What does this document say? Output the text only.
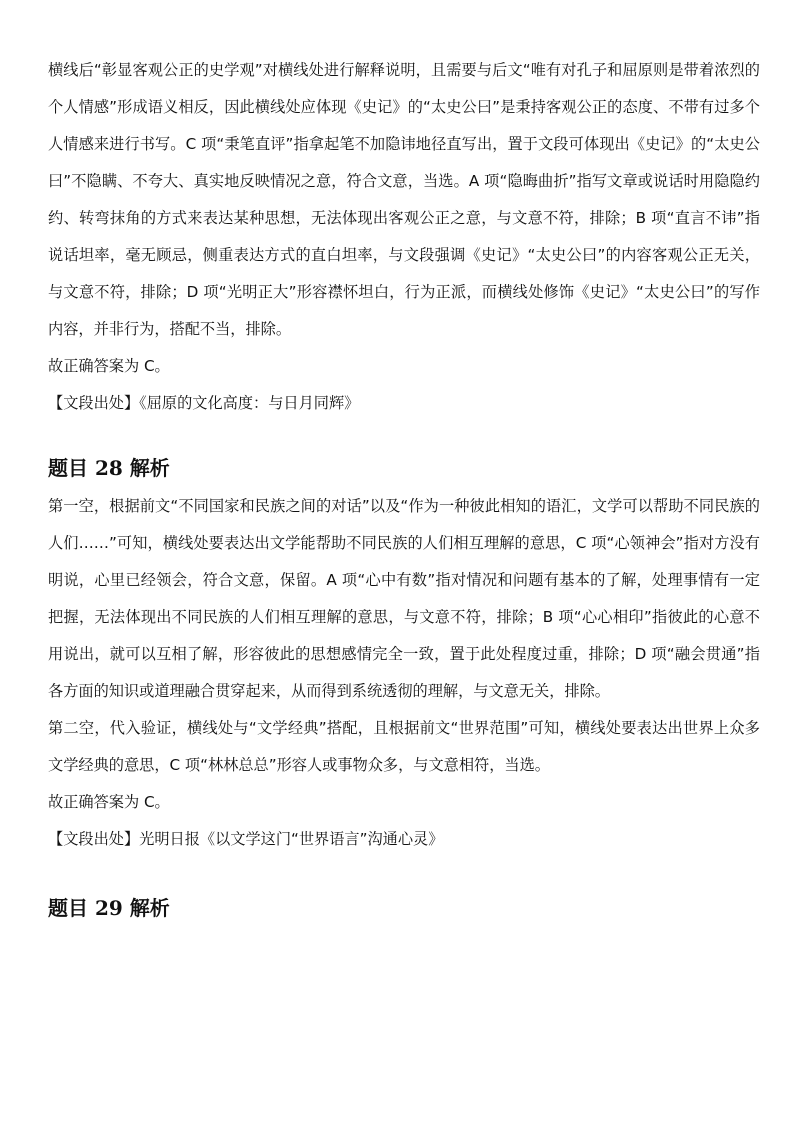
横线后“彰显客观公正的史学观”对横线处进行解释说明，且需要与后文“唯有对孔子和屈原则是带着浓烈的个人情感”形成语义相反，因此横线处应体现《史记》的“太史公曰”是秉持客观公正的态度、不带有过多个人情感来进行书写。C 项“秉笔直评”指拿起笔不加隐讳地径直写出，置于文段可体现出《史记》的“太史公曰”不隐瞒、不夸大、真实地反映情况之意，符合文意，当选。A 项“隐晦曲折”指写文章或说话时用隐隐约约、转弯抹角的方式来表达某种思想，无法体现出客观公正之意，与文意不符，排除；B 项“直言不讳”指说话坦率，毫无顾忌，侧重表达方式的直白坦率，与文段强调《史记》“太史公曰”的内容客观公正无关，与文意不符，排除；D 项“光明正大”形容襟怀坦白，行为正派，而横线处修饰《史记》“太史公曰”的写作内容，并非行为，搭配不当，排除。

故正确答案为 C。

【文段出处】《屈原的文化高度：与日月同辉》

题目 28 解析

第一空，根据前文“不同国家和民族之间的对话”以及“作为一种彼此相知的语汇，文学可以帮助不同民族的人们……”可知，横线处要表达出文学能帮助不同民族的人们相互理解的意思，C 项“心领神会”指对方没有明说，心里已经领会，符合文意，保留。A 项“心中有数”指对情况和问题有基本的了解，处理事情有一定把握，无法体现出不同民族的人们相互理解的意思，与文意不符，排除；B 项“心心相印”指彼此的心意不用说出，就可以互相了解，形容彼此的思想感情完全一致，置于此处程度过重，排除；D 项“融会贯通”指各方面的知识或道理融合贯穿起来，从而得到系统透彻的理解，与文意无关，排除。

第二空，代入验证，横线处与“文学经典”搭配，且根据前文“世界范围”可知，横线处要表达出世界上众多文学经典的意思，C 项“林林总总”形容人或事物众多，与文意相符，当选。

故正确答案为 C。

【文段出处】光明日报《以文学这门“世界语言”沟通心灵》

题目 29 解析
